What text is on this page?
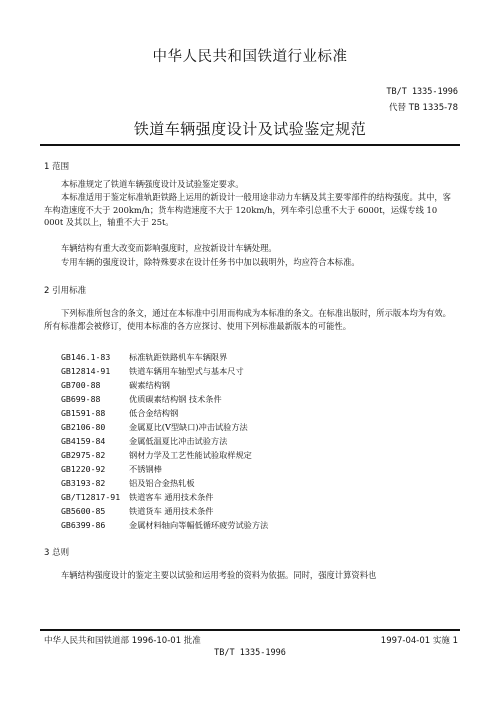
中华人民共和国铁道行业标准
TB/T 1335-1996
代替 TB 1335-78
铁道车辆强度设计及试验鉴定规范
1 范围
本标准规定了铁道车辆强度设计及试验鉴定要求。
本标准适用于鉴定标准轨距铁路上运用的新设计一般用途非动力车辆及其主要零部件的结构强度。其中，客车构造速度不大于 200km/h；货车构造速度不大于 120km/h，列车牵引总重不大于 6000t，运煤专线 10 000t 及其以上，轴重不大于 25t。
车辆结构有重大改变而影响强度时，应按新设计车辆处理。
专用车辆的强度设计，除特殊要求在设计任务书中加以载明外，均应符合本标准。
2 引用标准
下列标准所包含的条文，通过在本标准中引用而构成为本标准的条文。在标准出版时，所示版本均为有效。所有标准都会被修订，使用本标准的各方应探讨、使用下列标准最新版本的可能性。
GB146.1-83 标准轨距铁路机车车辆限界
GB12814-91 铁道车辆用车轴型式与基本尺寸
GB700-88	碳素结构钢
GB699-88	优质碳素结构钢 技术条件
GB1591-88	低合金结构钢
GB2106-80	金属夏比(V型缺口)冲击试验方法
GB4159-84	金属低温夏比冲击试验方法
GB2975-82	钢材力学及工艺性能试验取样规定
GB1220-92	不锈钢棒
GB3193-82	铝及铝合金热轧板
GB/T12817-91 铁道客车 通用技术条件
GB5600-85	铁道货车 通用技术条件
GB6399-86	金属材料轴向等幅低循环疲劳试验方法
3 总则
车辆结构强度设计的鉴定主要以试验和运用考验的资料为依据。同时，强度计算资料也
中华人民共和国铁道部 1996-10-01 批准	1997-04-01 实施 1
TB/T 1335-1996
